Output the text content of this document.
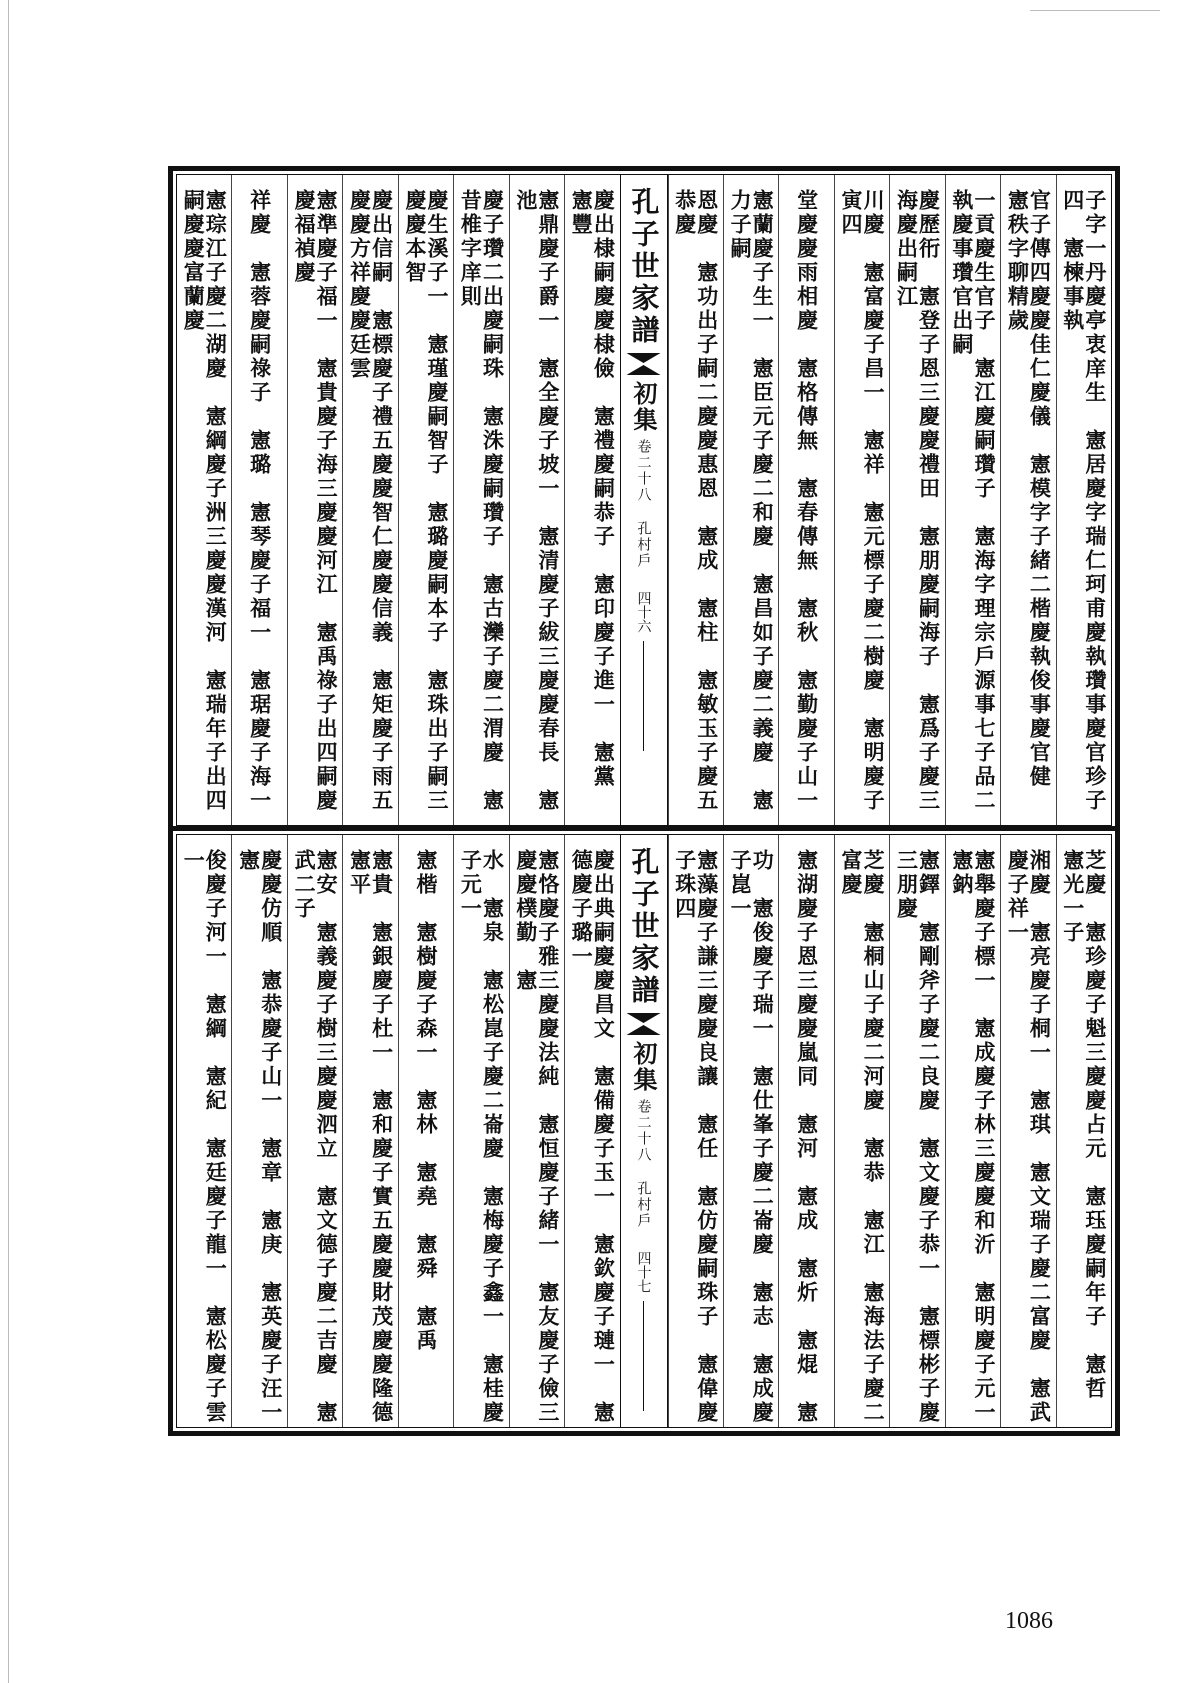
子字一丹慶亭衷庠生　憲居慶字瑞仁珂甫慶執瓚事慶官珍子四　憲楝事執
官子傳四慶慶佳仁慶儀　憲模字子緒二楷慶執俊事慶官健　憲秩字聊精歲
一貢慶生官子　憲江慶嗣瓚子　憲海字理宗戶源事七子品二執慶事瓚官出嗣
慶歷衎　憲登子恩三慶慶禮田　憲朋慶嗣海子　憲爲子慶三海慶出嗣江
川慶　憲富慶子昌一　憲祥　憲元標子慶二樹慶　憲明慶子寅四
堂慶慶雨相慶　憲格傳無　憲春傳無　憲秋　憲勤慶子山一
憲蘭慶子生一　憲臣元子慶二和慶　憲昌如子慶二義慶　憲力子嗣
恩慶　憲功出子嗣二慶慶惠恩　憲成　憲柱　憲敏玉子慶五恭慶
孔子世家譜
初集
卷二十八 孔村戶
四十六
慶出棣嗣慶慶棣儉　憲禮慶嗣恭子　憲印慶子進一　憲黨　憲豐
憲鼎慶子爵一　憲全慶子坡一　憲清慶子紱三慶慶春長　憲池
慶子瓚二出慶嗣珠　憲洙慶嗣瓚子　憲古灤子慶二渭慶　憲昔椎字庠則
慶生溪子一　憲瑾慶嗣智子　憲璐慶嗣本子　憲珠出子嗣三慶慶本智
慶出信嗣　憲標慶子禮五慶慶智仁慶慶信義　憲矩慶子雨五慶慶方祥慶慶廷雲
憲準慶子福一　憲貴慶子海三慶慶河江　憲禹祿子出四嗣慶慶福禎慶
祥慶　憲蓉慶嗣祿子　憲璐　憲琴慶子福一　憲琚慶子海一
憲琮江子慶二湖慶　憲綱慶子洲三慶慶漢河　憲瑞年子出四嗣慶慶富蘭慶
芝慶　憲珍慶子魁三慶慶占元　憲珏慶嗣年子　憲哲　憲光一子
湘慶　憲亮慶子桐一　憲琪　憲文瑞子慶二富慶　憲武慶子祥一
憲舉慶子標一　憲成慶子林三慶慶和沂　憲明慶子元一　憲鈉
憲鐸　憲剛斧子慶二良慶　憲文慶子恭一　憲標彬子慶三朋慶
芝慶　憲桐山子慶二河慶　憲恭　憲江　憲海法子慶二富慶
憲湖慶子恩三慶慶嵐同　憲河　憲成　憲炘　憲焜　憲
功　憲俊慶子瑞一　憲仕峯子慶二崙慶　憲志　憲成慶子崑一
憲藻慶子謙三慶慶良讓　憲任　憲仿慶嗣珠子　憲偉慶子珠四
孔子世家譜
初集
卷二十八 孔村戶
四十七
慶出典嗣慶慶昌文　憲備慶子玉一　憲欽慶子璉一　憲德慶子璐一
憲恪慶子雅三慶慶法純　憲恒慶子緒一　憲友慶子儉三慶慶樸勤　憲
水　憲泉　憲松崑子慶二崙慶　憲梅慶子鑫一　憲桂慶子元一
憲楷　憲樹慶子森一　憲林　憲堯　憲舜　憲禹
憲貴　憲銀慶子杜一　憲和慶子實五慶慶財茂慶慶隆德　憲平
憲安　憲義慶子樹三慶慶泗立　憲文德子慶二吉慶　憲武二子
慶慶仿順　憲恭慶子山一　憲章　憲庚　憲英慶子汪一　憲
俊慶子河一　憲綱　憲紀　憲廷慶子龍一　憲松慶子雲一
1086
